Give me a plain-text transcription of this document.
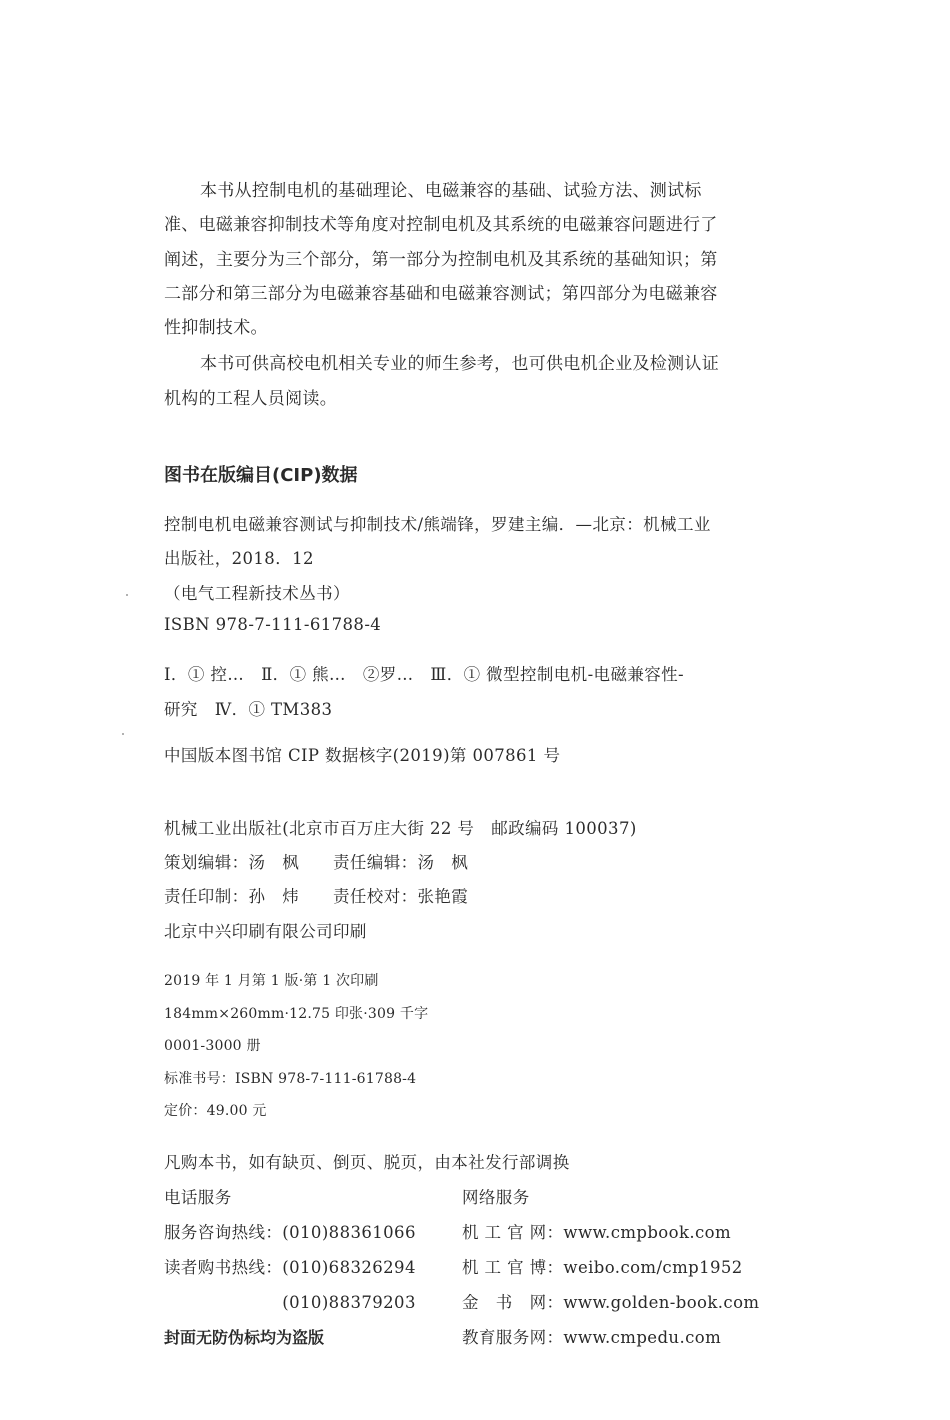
本书从控制电机的基础理论、电磁兼容的基础、试验方法、测试标
准、电磁兼容抑制技术等角度对控制电机及其系统的电磁兼容问题进行了
阐述，主要分为三个部分，第一部分为控制电机及其系统的基础知识；第
二部分和第三部分为电磁兼容基础和电磁兼容测试；第四部分为电磁兼容
性抑制技术。
本书可供高校电机相关专业的师生参考，也可供电机企业及检测认证
机构的工程人员阅读。
图书在版编目(CIP)数据
控制电机电磁兼容测试与抑制技术/熊端锋，罗建主编．—北京：机械工业
出版社，2018．12
（电气工程新技术丛书）
ISBN 978-7-111-61788-4
Ⅰ．① 控…　Ⅱ．① 熊…　②罗…　Ⅲ．① 微型控制电机-电磁兼容性-
研究　Ⅳ．① TM383
中国版本图书馆 CIP 数据核字(2019)第 007861 号
机械工业出版社(北京市百万庄大街 22 号　邮政编码 100037)
策划编辑：汤　枫　　责任编辑：汤　枫
责任印制：孙　炜　　责任校对：张艳霞
北京中兴印刷有限公司印刷
2019 年 1 月第 1 版·第 1 次印刷
184mm×260mm·12.75 印张·309 千字
0001-3000 册
标准书号：ISBN 978-7-111-61788-4
定价：49.00 元
凡购本书，如有缺页、倒页、脱页，由本社发行部调换
电话服务	网络服务
服务咨询热线：(010)88361066
读者购书热线：(010)68326294
　　　　　　　(010)88379203
机 工 官 网：www.cmpbook.com
机 工 官 博：weibo.com/cmp1952
金　书　网：www.golden-book.com
教育服务网：www.cmpedu.com
封面无防伪标均为盗版
